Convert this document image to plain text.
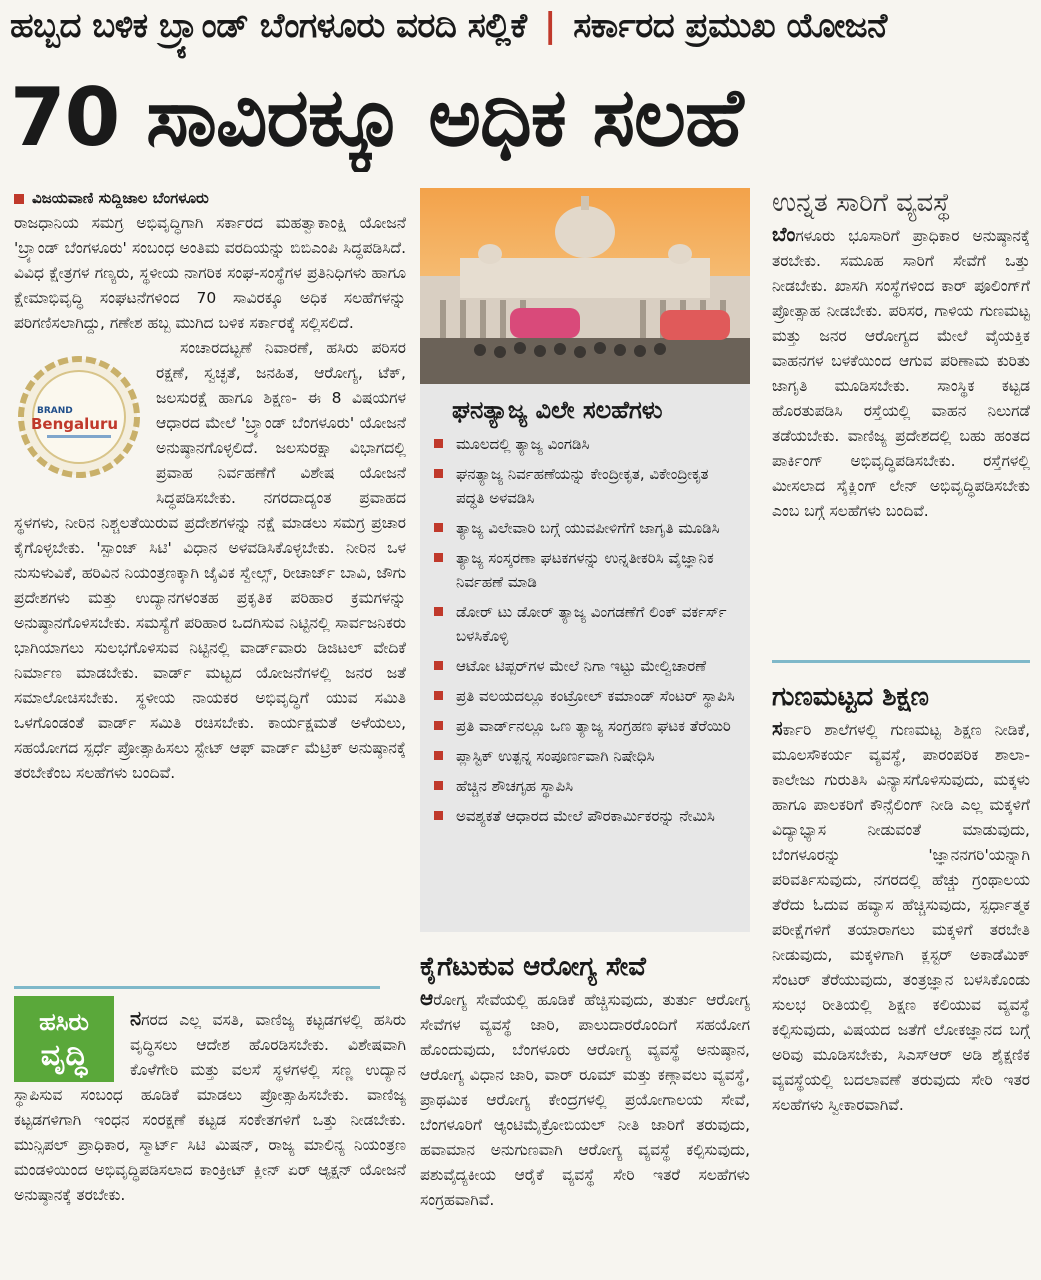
ಹಬ್ಬದ ಬಳಿಕ ಬ್ರ್ಯಾಂಡ್ ಬೆಂಗಳೂರು ವರದಿ ಸಲ್ಲಿಕೆ | ಸರ್ಕಾರದ ಪ್ರಮುಖ ಯೋಜನೆ
70 ಸಾವಿರಕ್ಕೂ ಅಧಿಕ ಸಲಹೆ
ವಿಜಯವಾಣಿ ಸುದ್ದಿಜಾಲ ಬೆಂಗಳೂರು

ರಾಜಧಾನಿಯ ಸಮಗ್ರ ಅಭಿವೃದ್ಧಿಗಾಗಿ ಸರ್ಕಾರದ ಮಹತ್ವಾಕಾಂಕ್ಷಿ ಯೋಜನೆ 'ಬ್ರ್ಯಾಂಡ್ ಬೆಂಗಳೂರು' ಸಂಬಂಧ ಅಂತಿಮ ವರದಿಯನ್ನು ಬಿಬಿಎಂಪಿ ಸಿದ್ಧಪಡಿಸಿದೆ. ವಿವಿಧ ಕ್ಷೇತ್ರಗಳ ಗಣ್ಯರು, ಸ್ಥಳೀಯ ನಾಗರಿಕ ಸಂಘ-ಸಂಸ್ಥೆಗಳ ಪ್ರತಿನಿಧಿಗಳು ಹಾಗೂ ಕ್ಷೇಮಾಭಿವೃದ್ಧಿ ಸಂಘಟನೆಗಳಿಂದ 70 ಸಾವಿರಕ್ಕೂ ಅಧಿಕ ಸಲಹೆಗಳನ್ನು ಪರಿಗಣಿಸಲಾಗಿದ್ದು, ಗಣೇಶ ಹಬ್ಬ ಮುಗಿದ ಬಳಿಕ ಸರ್ಕಾರಕ್ಕೆ ಸಲ್ಲಿಸಲಿದೆ.

BRAND
Bengaluru

ಸಂಚಾರದಟ್ಟಣೆ ನಿವಾರಣೆ, ಹಸಿರು ಪರಿಸರ ರಕ್ಷಣೆ, ಸ್ವಚ್ಛತೆ, ಜನಹಿತ, ಆರೋಗ್ಯ, ಟೆಕ್, ಜಲಸುರಕ್ಷೆ ಹಾಗೂ ಶಿಕ್ಷಣ- ಈ 8 ವಿಷಯಗಳ ಆಧಾರದ ಮೇಲೆ 'ಬ್ರ್ಯಾಂಡ್ ಬೆಂಗಳೂರು' ಯೋಜನೆ ಅನುಷ್ಠಾನಗೊಳ್ಳಲಿದೆ. ಜಲಸುರಕ್ಷಾ ವಿಭಾಗದಲ್ಲಿ ಪ್ರವಾಹ ನಿರ್ವಹಣೆಗೆ ವಿಶೇಷ ಯೋಜನೆ ಸಿದ್ಧಪಡಿಸಬೇಕು. ನಗರದಾದ್ಯಂತ ಪ್ರವಾಹದ ಸ್ಥಳಗಳು, ನೀರಿನ ನಿಶ್ಚಲತೆಯಿರುವ ಪ್ರದೇಶಗಳನ್ನು ನಕ್ಷೆ ಮಾಡಲು ಸಮಗ್ರ ಪ್ರಚಾರ ಕೈಗೊಳ್ಳಬೇಕು. 'ಸ್ಪಾಂಜ್ ಸಿಟಿ' ವಿಧಾನ ಅಳವಡಿಸಿಕೊಳ್ಳಬೇಕು. ನೀರಿನ ಒಳ ನುಸುಳುವಿಕೆ, ಹರಿವಿನ ನಿಯಂತ್ರಣಕ್ಕಾಗಿ ಜೈವಿಕ ಸ್ವೇಲ್ಸ್, ರೀಚಾರ್ಜ್ ಬಾವಿ, ಜೌಗು ಪ್ರದೇಶಗಳು ಮತ್ತು ಉದ್ಯಾನಗಳಂತಹ ಪ್ರಕೃತಿಕ ಪರಿಹಾರ ಕ್ರಮಗಳನ್ನು ಅನುಷ್ಠಾನಗೊಳಿಸಬೇಕು. ಸಮಸ್ಯೆಗೆ ಪರಿಹಾರ ಒದಗಿಸುವ ನಿಟ್ಟಿನಲ್ಲಿ ಸಾರ್ವಜನಿಕರು ಭಾಗಿಯಾಗಲು ಸುಲಭಗೊಳಿಸುವ ನಿಟ್ಟಿನಲ್ಲಿ ವಾರ್ಡ್‌ವಾರು ಡಿಜಿಟಲ್ ವೇದಿಕೆ ನಿರ್ಮಾಣ ಮಾಡಬೇಕು. ವಾರ್ಡ್ ಮಟ್ಟದ ಯೋಜನೆಗಳಲ್ಲಿ ಜನರ ಜತೆ ಸಮಾಲೋಚಿಸಬೇಕು. ಸ್ಥಳೀಯ ನಾಯಕರ ಅಭಿವೃದ್ಧಿಗೆ ಯುವ ಸಮಿತಿ ಒಳಗೊಂಡಂತೆ ವಾರ್ಡ್ ಸಮಿತಿ ರಚಿಸಬೇಕು. ಕಾರ್ಯಕ್ಷಮತೆ ಅಳೆಯಲು, ಸಹಯೋಗದ ಸ್ಪರ್ಧೆ ಪ್ರೋತ್ಸಾಹಿಸಲು ಸ್ಟೇಟ್ ಆಫ್ ವಾರ್ಡ್ ಮೆಟ್ರಿಕ್ ಅನುಷ್ಠಾನಕ್ಕೆ ತರಬೇಕೆಂಬ ಸಲಹೆಗಳು ಬಂದಿವೆ.

ಹಸಿರು
ವೃದ್ಧಿ
ನಗರದ ಎಲ್ಲ ವಸತಿ, ವಾಣಿಜ್ಯ ಕಟ್ಟಡಗಳಲ್ಲಿ ಹಸಿರು ವೃದ್ಧಿಸಲು ಆದೇಶ ಹೊರಡಿಸಬೇಕು. ವಿಶೇಷವಾಗಿ ಕೊಳೆಗೇರಿ ಮತ್ತು ವಲಸೆ ಸ್ಥಳಗಳಲ್ಲಿ ಸಣ್ಣ ಉದ್ಯಾನ ಸ್ಥಾಪಿಸುವ ಸಂಬಂಧ ಹೂಡಿಕೆ ಮಾಡಲು ಪ್ರೋತ್ಸಾಹಿಸಬೇಕು. ವಾಣಿಜ್ಯ ಕಟ್ಟಡಗಳಿಗಾಗಿ ಇಂಧನ ಸಂರಕ್ಷಣೆ ಕಟ್ಟಡ ಸಂಕೇತಗಳಿಗೆ ಒತ್ತು ನೀಡಬೇಕು. ಮುನ್ಸಿಪಲ್ ಪ್ರಾಧಿಕಾರ, ಸ್ಮಾರ್ಟ್ ಸಿಟಿ ಮಿಷನ್, ರಾಜ್ಯ ಮಾಲಿನ್ಯ ನಿಯಂತ್ರಣ ಮಂಡಳಿಯಿಂದ ಅಭಿವೃದ್ಧಿಪಡಿಸಲಾದ ಕಾಂಕ್ರೀಟ್ ಕ್ಲೀನ್ ಏರ್ ಆ್ಯಕ್ಷನ್ ಯೋಜನೆ ಅನುಷ್ಠಾನಕ್ಕೆ ತರಬೇಕು.
ಘನತ್ಯಾಜ್ಯ ವಿಲೇ ಸಲಹೆಗಳು
ಮೂಲದಲ್ಲಿ ತ್ಯಾಜ್ಯ ವಿಂಗಡಿಸಿ
ಘನತ್ಯಾಜ್ಯ ನಿರ್ವಹಣೆಯನ್ನು ಕೇಂದ್ರೀಕೃತ, ವಿಕೇಂದ್ರೀಕೃತ ಪದ್ಧತಿ ಅಳವಡಿಸಿ
ತ್ಯಾಜ್ಯ ವಿಲೇವಾರಿ ಬಗ್ಗೆ ಯುವಪೀಳಿಗೆಗೆ ಜಾಗೃತಿ ಮೂಡಿಸಿ
ತ್ಯಾಜ್ಯ ಸಂಸ್ಕರಣಾ ಘಟಕಗಳನ್ನು ಉನ್ನತೀಕರಿಸಿ ವೈಜ್ಞಾನಿಕ ನಿರ್ವಹಣೆ ಮಾಡಿ
ಡೋರ್ ಟು ಡೋರ್ ತ್ಯಾಜ್ಯ ವಿಂಗಡಣೆಗೆ ಲಿಂಕ್ ವರ್ಕರ್ಸ್ ಬಳಸಿಕೊಳ್ಳಿ
ಆಟೋ ಟಿಪ್ಪರ್‌ಗಳ ಮೇಲೆ ನಿಗಾ ಇಟ್ಟು ಮೇಲ್ವಿಚಾರಣೆ
ಪ್ರತಿ ವಲಯದಲ್ಲೂ ಕಂಟ್ರೋಲ್ ಕಮಾಂಡ್ ಸೆಂಟರ್ ಸ್ಥಾಪಿಸಿ
ಪ್ರತಿ ವಾರ್ಡ್‌ನಲ್ಲೂ ಒಣ ತ್ಯಾಜ್ಯ ಸಂಗ್ರಹಣ ಘಟಕ ತೆರೆಯಿರಿ
ಪ್ಲಾಸ್ಟಿಕ್ ಉತ್ಪನ್ನ ಸಂಪೂರ್ಣವಾಗಿ ನಿಷೇಧಿಸಿ
ಹೆಚ್ಚಿನ ಶೌಚಗೃಹ ಸ್ಥಾಪಿಸಿ
ಅವಶ್ಯಕತೆ ಆಧಾರದ ಮೇಲೆ ಪೌರಕಾರ್ಮಿಕರನ್ನು ನೇಮಿಸಿ
ಕೈಗೆಟುಕುವ ಆರೋಗ್ಯ ಸೇವೆ
ಆರೋಗ್ಯ ಸೇವೆಯಲ್ಲಿ ಹೂಡಿಕೆ ಹೆಚ್ಚಿಸುವುದು, ತುರ್ತು ಆರೋಗ್ಯ ಸೇವೆಗಳ ವ್ಯವಸ್ಥೆ ಜಾರಿ, ಪಾಲುದಾರರೊಂದಿಗೆ ಸಹಯೋಗ ಹೊಂದುವುದು, ಬೆಂಗಳೂರು ಆರೋಗ್ಯ ವ್ಯವಸ್ಥೆ ಅನುಷ್ಠಾನ, ಆರೋಗ್ಯ ವಿಧಾನ ಜಾರಿ, ವಾರ್ ರೂಮ್ ಮತ್ತು ಕಣ್ಗಾವಲು ವ್ಯವಸ್ಥೆ, ಪ್ರಾಥಮಿಕ ಆರೋಗ್ಯ ಕೇಂದ್ರಗಳಲ್ಲಿ ಪ್ರಯೋಗಾಲಯ ಸೇವೆ, ಬೆಂಗಳೂರಿಗೆ ಆ್ಯಂಟಿಮೈಕ್ರೋಬಿಯಲ್ ನೀತಿ ಜಾರಿಗೆ ತರುವುದು, ಹವಾಮಾನ ಅನುಗುಣವಾಗಿ ಆರೋಗ್ಯ ವ್ಯವಸ್ಥೆ ಕಲ್ಪಿಸುವುದು, ಪಶುವೈದ್ಯಕೀಯ ಆರೈಕೆ ವ್ಯವಸ್ಥೆ ಸೇರಿ ಇತರೆ ಸಲಹೆಗಳು ಸಂಗ್ರಹವಾಗಿವೆ.
ಉನ್ನತ ಸಾರಿಗೆ ವ್ಯವಸ್ಥೆ
ಬೆಂಗಳೂರು ಭೂಸಾರಿಗೆ ಪ್ರಾಧಿಕಾರ ಅನುಷ್ಠಾನಕ್ಕೆ ತರಬೇಕು. ಸಮೂಹ ಸಾರಿಗೆ ಸೇವೆಗೆ ಒತ್ತು ನೀಡಬೇಕು. ಖಾಸಗಿ ಸಂಸ್ಥೆಗಳಿಂದ ಕಾರ್ ಪೂಲಿಂಗ್‌ಗೆ ಪ್ರೋತ್ಸಾಹ ನೀಡಬೇಕು. ಪರಿಸರ, ಗಾಳಿಯ ಗುಣಮಟ್ಟ ಮತ್ತು ಜನರ ಆರೋಗ್ಯದ ಮೇಲೆ ವೈಯಕ್ತಿಕ ವಾಹನಗಳ ಬಳಕೆಯಿಂದ ಆಗುವ ಪರಿಣಾಮ ಕುರಿತು ಜಾಗೃತಿ ಮೂಡಿಸಬೇಕು. ಸಾಂಸ್ಥಿಕ ಕಟ್ಟಡ ಹೊರತುಪಡಿಸಿ ರಸ್ತೆಯಲ್ಲಿ ವಾಹನ ನಿಲುಗಡೆ ತಡೆಯಬೇಕು. ವಾಣಿಜ್ಯ ಪ್ರದೇಶದಲ್ಲಿ ಬಹು ಹಂತದ ಪಾರ್ಕಿಂಗ್ ಅಭಿವೃದ್ಧಿಪಡಿಸಬೇಕು. ರಸ್ತೆಗಳಲ್ಲಿ ಮೀಸಲಾದ ಸೈಕ್ಲಿಂಗ್ ಲೇನ್ ಅಭಿವೃದ್ಧಿಪಡಿಸಬೇಕು ಎಂಬ ಬಗ್ಗೆ ಸಲಹೆಗಳು ಬಂದಿವೆ.
ಗುಣಮಟ್ಟದ ಶಿಕ್ಷಣ
ಸರ್ಕಾರಿ ಶಾಲೆಗಳಲ್ಲಿ ಗುಣಮಟ್ಟ ಶಿಕ್ಷಣ ನೀಡಿಕೆ, ಮೂಲಸೌಕರ್ಯ ವ್ಯವಸ್ಥೆ, ಪಾರಂಪರಿಕ ಶಾಲಾ- ಕಾಲೇಜು ಗುರುತಿಸಿ ವಿನ್ಯಾಸಗೊಳಿಸುವುದು, ಮಕ್ಕಳು ಹಾಗೂ ಪಾಲಕರಿಗೆ ಕೌನ್ಸೆಲಿಂಗ್ ನೀಡಿ ಎಲ್ಲ ಮಕ್ಕಳಿಗೆ ವಿದ್ಯಾಭ್ಯಾಸ ನೀಡುವಂತೆ ಮಾಡುವುದು, ಬೆಂಗಳೂರನ್ನು 'ಜ್ಞಾನನಗರಿ'ಯನ್ನಾಗಿ ಪರಿವರ್ತಿಸುವುದು, ನಗರದಲ್ಲಿ ಹೆಚ್ಚು ಗ್ರಂಥಾಲಯ ತೆರೆದು ಓದುವ ಹವ್ಯಾಸ ಹೆಚ್ಚಿಸುವುದು, ಸ್ಪರ್ಧಾತ್ಮಕ ಪರೀಕ್ಷೆಗಳಿಗೆ ತಯಾರಾಗಲು ಮಕ್ಕಳಿಗೆ ತರಬೇತಿ ನೀಡುವುದು, ಮಕ್ಕಳಿಗಾಗಿ ಕ್ಲಸ್ಟರ್ ಅಕಾಡೆಮಿಕ್ ಸೆಂಟರ್ ತೆರೆಯುವುದು, ತಂತ್ರಜ್ಞಾನ ಬಳಸಿಕೊಂಡು ಸುಲಭ ರೀತಿಯಲ್ಲಿ ಶಿಕ್ಷಣ ಕಲಿಯುವ ವ್ಯವಸ್ಥೆ ಕಲ್ಪಿಸುವುದು, ವಿಷಯದ ಜತೆಗೆ ಲೋಕಜ್ಞಾನದ ಬಗ್ಗೆ ಅರಿವು ಮೂಡಿಸಬೇಕು, ಸಿಎಸ್‌ಆರ್ ಅಡಿ ಶೈಕ್ಷಣಿಕ ವ್ಯವಸ್ಥೆಯಲ್ಲಿ ಬದಲಾವಣೆ ತರುವುದು ಸೇರಿ ಇತರ ಸಲಹೆಗಳು ಸ್ವೀಕಾರವಾಗಿವೆ.
